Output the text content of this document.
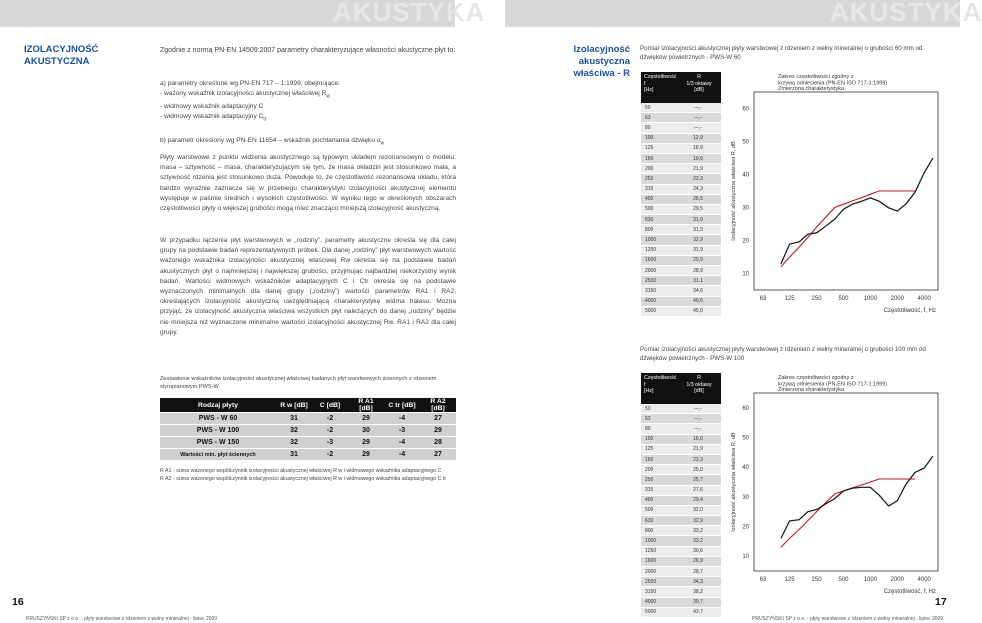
AKUSTYKA	AKUSTYKA
IZOLACYJNOŚĆ AKUSTYCZNA
Zgodnie z normą PN-EN 14509:2007 parametry charakteryzujące własności akustyczne płyt to:
a) parametry określone wg PN-EN 717 – 1:1999, obejmujące:
- ważony wskaźnik izolacyjności akustycznej właściwej $R_w$
- widmowy wskaźnik adaptacyjny C
- widmowy wskaźnik adaptacyjny $C_{tr}$
b) parametr określony wg PN-EN 11654 – wskaźnik pochłaniania dźwięku $\alpha_w$
Płyty warstwowe z punktu widzenia akustycznego są typowym układem rezonansowym o modelu: masa – sztywność – masa, charakteryzującym się tym, że masa okładzin jest stosunkowo mała, a sztywność rdzenia jest stosunkowo duża. Powoduje to, że częstotliwość rezonansowa układu, która bardzo wyraźnie zaznacza się w przebiegu charakterystyki izolacyjności akustycznej elementu występuje w paśmie średnich i wysokich częstotliwości. W wyniku tego w określonych obszarach częstotliwości płyty o większej grubości mogą mieć znacząco mniejszą izolacyjność akustyczną.
W przypadku łączenia płyt warstwowych w „rodziny”, parametry akustyczne określa się dla całej grupy na podstawie badań reprezentatywnych próbek. Dla danej „rodziny” płyt warstwowych wartość ważonego wskaźnika izolacyjności akustycznej właściwej Rw określa się na podstawie badań akustycznych płyt o najmniejszej i największej grubości, przyjmując najbardziej niekorzystny wynik badań. Wartości widmowych wskaźników adaptacyjnych C i Ctr określa się na podstawie wyznaczonych minimalnych dla danej grupy („rodziny”) wartości parametrów RA1 i RA2, określających izolacyjność akustyczną uwzględniającą charakterystykę widma hałasu. Można przyjąć, że izolacyjność akustyczna właściwa wszystkich płyt należących do danej „rodziny” będzie nie mniejsza niż wyznaczone minimalne wartości izolacyjności akustycznej Rw, RA1 i RA2 dla całej grupy.
Zestawienie wskaźników izolacyjności akustycznej właściwej badanych płyt warstwowych ściennych z rdzeniem styropianowym PWS-W
Rodzaj płyty	R w [dB]	C [dB]	R A1 [dB]	C tr [dB]	R A2 [dB]
PWS - W 60	31	-2	29	-4	27
PWS - W 100	32	-2	30	-3	29
PWS - W 150	32	-3	29	-4	28
Wartości min. płyt ściennych	31	-2	29	-4	27
R A1 - suma ważonego współczynnik izolacyjności akustycznej właściwej R w i widmowego wskaźnika adaptacyjnego C
R A2 - suma ważonego współczynnik izolacyjności akustycznej właściwej R w i widmowego wskaźnika adaptacyjnego C tr
16
PRUSZYŃSKI SP z o.o. - płyty warstwowe z rdzeniem z wełny mineralnej - lipiec 2009
Izolacyjność akustyczna
właściwa - R
Pomiar izolacyjności akustycznej płyty warstwowej z rdzeniem z wełny mineralnej o grubości 60 mm od dźwięków powietrznych - PWS-W 60
Częstotliwość
f
[Hz]
R
1/3 oktawy
[dB]
50	---,-
63	---,-
80	---,-
100	12,9
125	18,9
160	19,6
200	21,9
250	22,3
315	24,3
400	26,5
500	29,5
630	31,0
800	31,9
1000	32,9
1250	31,9
1600	29,9
2000	28,9
2500	31,1
3150	34,6
4000	40,5
5000	45,0
10
20
30
40
50
60
63	125	250	500	1000 2000 4000
Częstotliwość, f, Hz
Izolacyjność akustyczna właściwa R, dB
Zakres częstotliwości zgodny z krzywą odniesienia (PN-EN ISO 717-1:1999)
Zmierzona charakterystyka
Pomiar izolacyjności akustycznej płyty warstwowej z rdzeniem z wełny mineralnej o grubości 100 mm od dźwięków powietrznych - PWS-W 100
Częstotliwość
f
[Hz]
R
1/3 oktawy
[dB]
50	---,-
63	---,-
80	---,-
100	16,0
125	21,9
160	22,3
200	25,0
250	25,7
315	27,6
400	29,4
500	32,0
630	32,9
800	33,2
1000	33,2
1250	30,6
1600	26,9
2000	28,7
2500	34,3
3150	38,2
4000	39,7
5000	43,7
10
20
30
40
50
60
63	125	250	500	1000 2000 4000
Częstotliwość, f, Hz
Izolacyjność akustyczna właściwa R, dB
Zakres częstotliwości zgodny z krzywą odniesienia (PN-EN ISO 717-1:1999)
Zmierzona charakterystyka
17
PRUSZYŃSKI SP z o.o. - płyty warstwowe z rdzeniem z wełny mineralnej - lipiec 2009
